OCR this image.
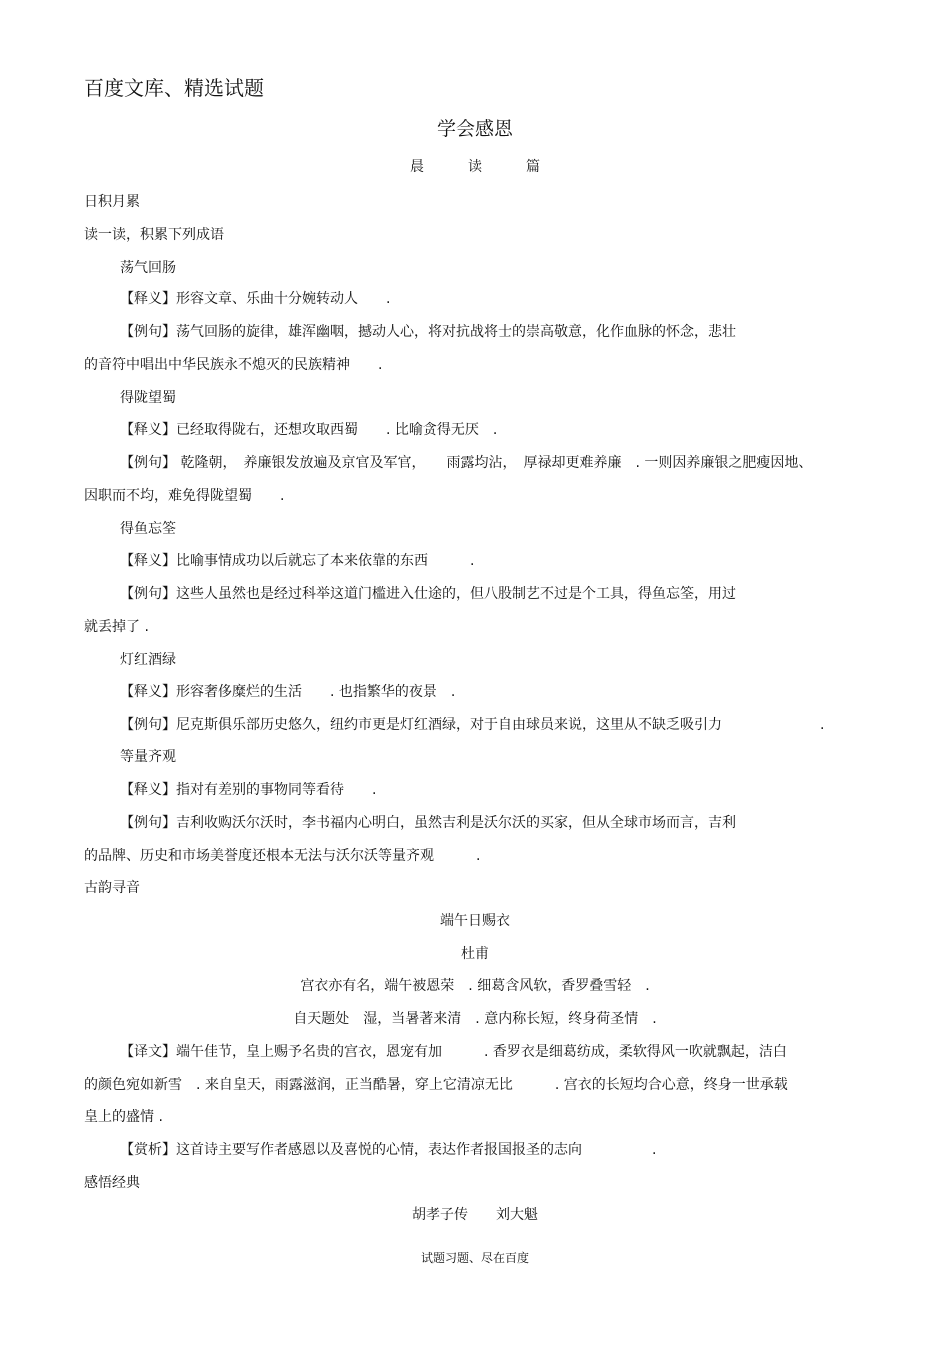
百度文库、精选试题
学会感恩
晨	读	篇
日积月累
读一读，积累下列成语
荡气回肠
【释义】形容文章、乐曲十分婉转动人　　.
【例句】荡气回肠的旋律，雄浑幽咽，撼动人心，将对抗战将士的崇高敬意，化作血脉的怀念，悲壮
的音符中唱出中华民族永不熄灭的民族精神　　.
得陇望蜀
【释义】已经取得陇右，还想攻取西蜀　　. 比喻贪得无厌　.
【例句】 乾隆朝，　养廉银发放遍及京官及军官，　　雨露均沾，　厚禄却更难养廉　. 一则因养廉银之肥瘦因地、
因职而不均，难免得陇望蜀　　.
得鱼忘筌
【释义】比喻事情成功以后就忘了本来依靠的东西　　　.
【例句】这些人虽然也是经过科举这道门槛进入仕途的，但八股制艺不过是个工具，得鱼忘筌，用过
就丢掉了 .
灯红酒绿
【释义】形容奢侈糜烂的生活　　. 也指繁华的夜景　.
【例句】尼克斯俱乐部历史悠久，纽约市更是灯红酒绿，对于自由球员来说，这里从不缺乏吸引力　　　　　　　.
等量齐观
【释义】指对有差别的事物同等看待　　.
【例句】吉利收购沃尔沃时，李书福内心明白，虽然吉利是沃尔沃的买家，但从全球市场而言，吉利
的品牌、历史和市场美誉度还根本无法与沃尔沃等量齐观　　　.
古韵寻音
端午日赐衣
杜甫
宫衣亦有名，端午被恩荣　. 细葛含风软，香罗叠雪轻　.
自天题处　湿，当暑著来清　. 意内称长短，终身荷圣情　.
【译文】端午佳节，皇上赐予名贵的宫衣，恩宠有加　　　. 香罗衣是细葛纺成，柔软得风一吹就飘起，洁白
的颜色宛如新雪　. 来自皇天，雨露滋润，正当酷暑，穿上它清凉无比　　　. 宫衣的长短均合心意，终身一世承载
皇上的盛情 .
【赏析】这首诗主要写作者感恩以及喜悦的心情，表达作者报国报圣的志向　　　　　.
感悟经典
胡孝子传　　刘大魁
试题习题、尽在百度
